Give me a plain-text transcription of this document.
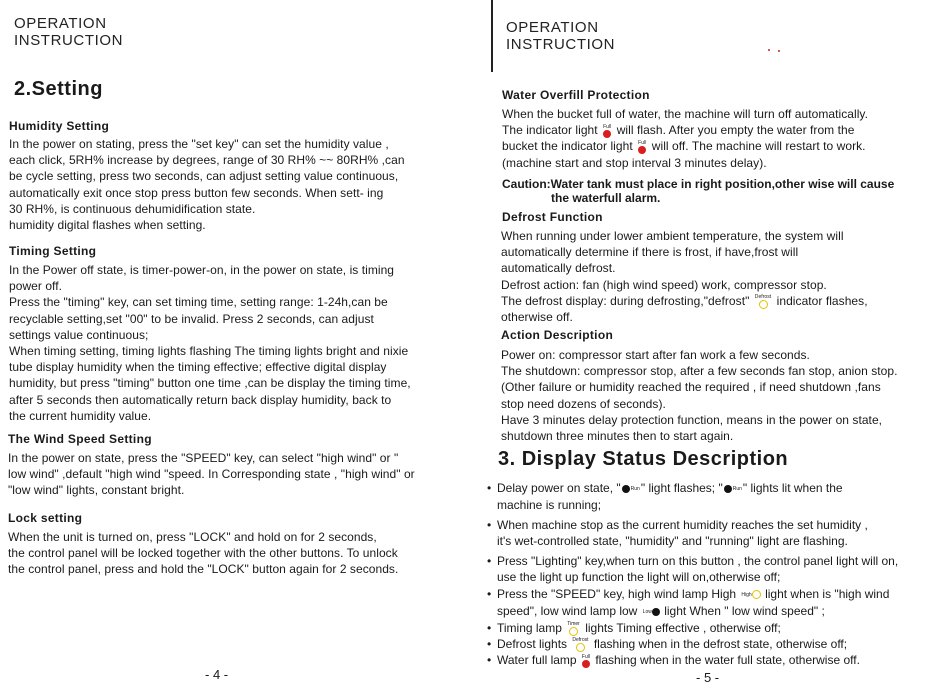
OPERATION
INSTRUCTION
2.Setting
Humidity Setting
In the power on stating, press the "set key" can set the humidity value ,
each click, 5RH% increase by degrees, range of 30 RH% ~~ 80RH% ,can
be cycle setting, press two seconds, can adjust setting value continuous,
automatically exit once stop press button few seconds. When sett- ing
30 RH%, is continuous dehumidification state.
humidity digital flashes when setting.
Timing Setting
In the Power off state, is timer-power-on, in the power on state, is timing
power off.
Press the "timing" key, can set timing time, setting range: 1-24h,can be
recyclable setting,set "00" to be invalid. Press 2 seconds, can adjust
settings value continuous;
When timing setting, timing lights flashing The timing lights bright and nixie
tube display humidity when the timing effective; effective digital display
humidity, but press "timing" button one time ,can be display the timing time,
after 5 seconds then automatically return back display humidity, back to
the current humidity value.
The Wind Speed Setting
In the power on state, press the "SPEED" key, can select "high wind" or "
low wind" ,default "high wind "speed. In Corresponding state , "high wind" or
"low wind" lights, constant bright.
Lock setting
When the unit is turned on, press "LOCK" and hold on for 2 seconds,
the control panel will be locked together with the other buttons. To unlock
the control panel, press and hold the "LOCK" button again for 2 seconds.
- 4 -
OPERATION
INSTRUCTION
Water Overfill Protection
When the bucket full of water, the machine will turn off automatically.
The indicator light Full will flash. After you empty the water from the
bucket the indicator light Full will off. The machine will restart to work.
(machine start and stop interval 3 minutes delay).
Caution:Water tank must place in right position,other wise will cause
the waterfull alarm.
Defrost Function
When running under lower ambient temperature, the system will
automatically determine if there is frost, if have,frost will
automatically defrost.
Defrost action: fan (high wind speed) work, compressor stop.
The defrost display: during defrosting,"defrost" Defrost indicator flashes,
otherwise off.
Action Description
Power on: compressor start after fan work a few seconds.
The shutdown: compressor stop, after a few seconds fan stop, anion stop.
(Other failure or humidity reached the required , if need shutdown ,fans
stop need dozens of seconds).
Have 3 minutes delay protection function, means in the power on state,
shutdown three minutes then to start again.
3. Display Status Description
- 5 -
• Delay power on state, " Run " light flashes; " Run " lights lit when the
machine is running;
• When machine stop as the current humidity reaches the set humidity ,
it's wet-controlled state, "humidity" and "running" light are flashing.
• Press "Lighting" key,when turn on this button , the control panel light will on,
use the light up function the light will on,otherwise off;
• Press the "SPEED" key, high wind lamp High High light when is "high wind
speed", low wind lamp low Low light When " low wind speed" ;
• Timing lamp Timer lights Timing effective , otherwise off;
• Defrost lights Defrost flashing when in the defrost state, otherwise off;
• Water full lamp Full flashing when in the water full state, otherwise off.
